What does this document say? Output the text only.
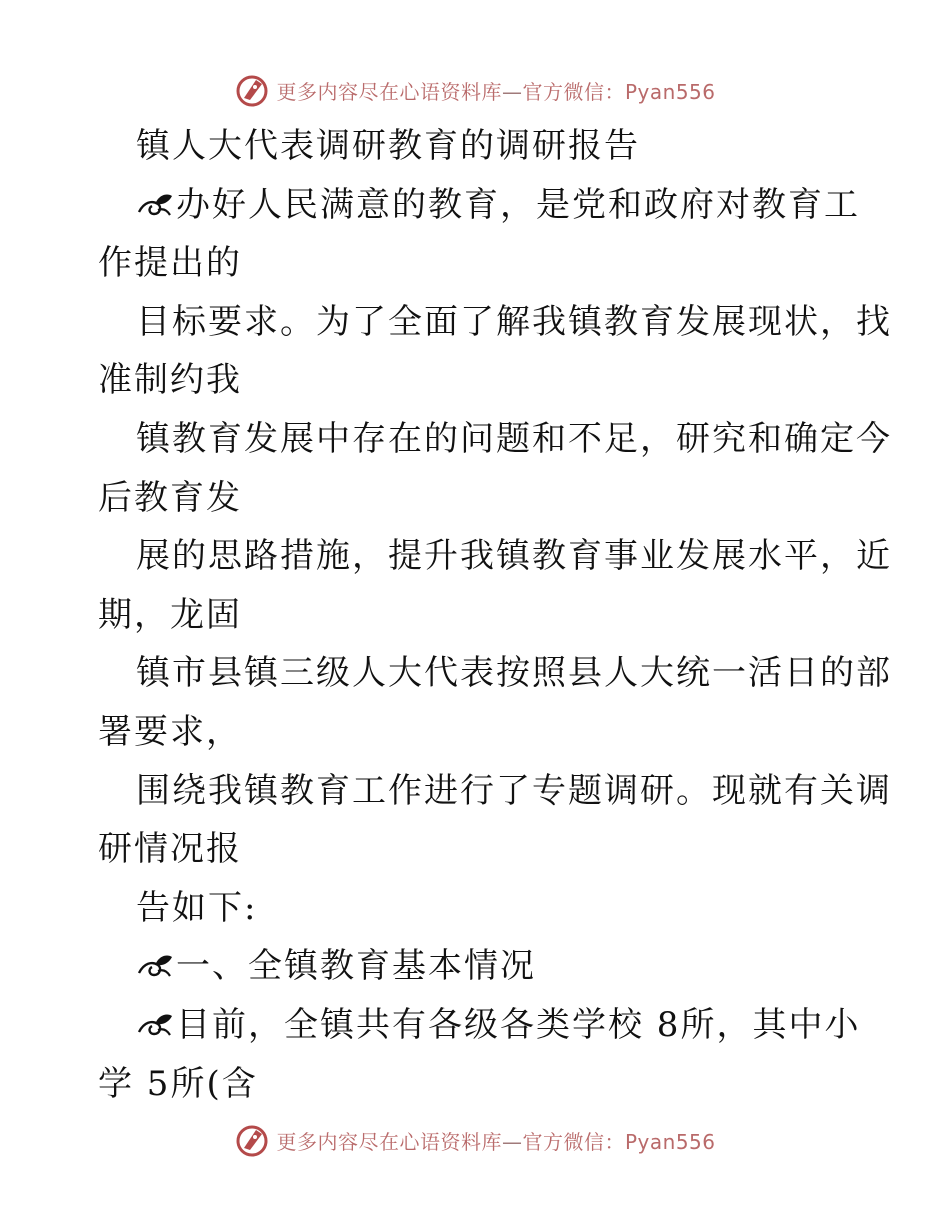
更多内容尽在心语资料库—官方微信：Pyan556
镇人大代表调研教育的调研报告
办好人民满意的教育，是党和政府对教育工
作提出的
目标要求。为了全面了解我镇教育发展现状，找
准制约我
镇教育发展中存在的问题和不足，研究和确定今
后教育发
展的思路措施，提升我镇教育事业发展水平，近
期，龙固
镇市县镇三级人大代表按照县人大统一活日的部
署要求，
围绕我镇教育工作进行了专题调研。现就有关调
研情况报
告如下:
一、全镇教育基本情况
目前，全镇共有各级各类学校 8所，其中小
学 5所(含
更多内容尽在心语资料库—官方微信：Pyan556
